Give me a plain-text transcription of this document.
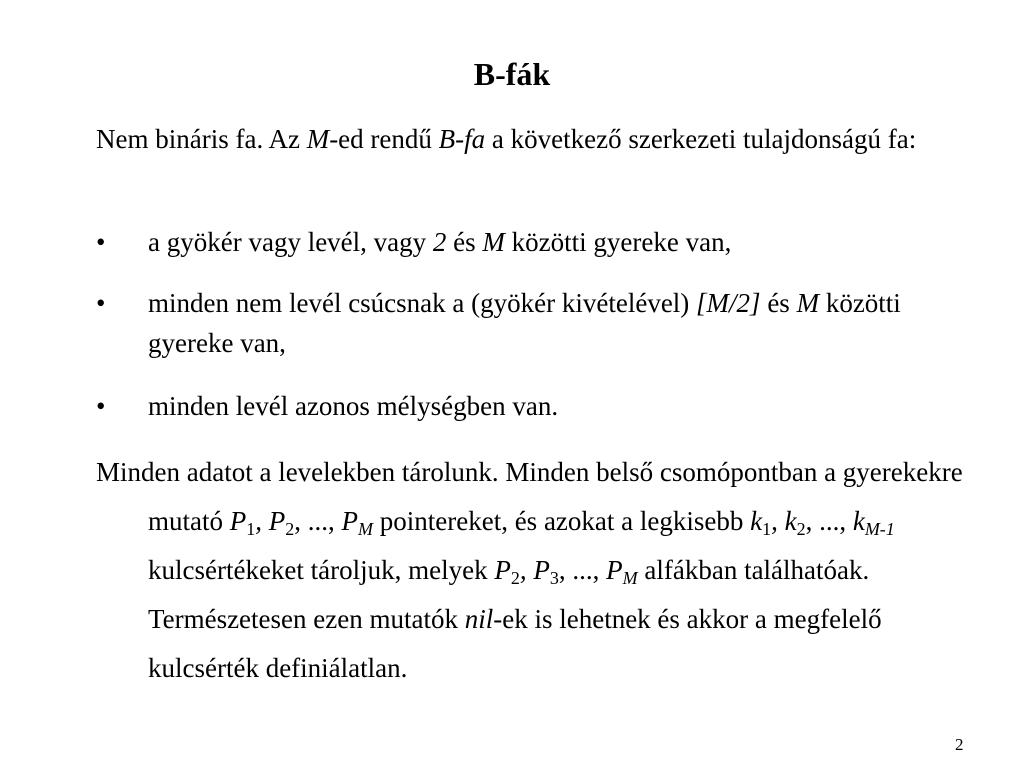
B-fák
Nem bináris fa. Az M-ed rendű B-fa a következő szerkezeti tulajdonságú fa:
• a gyökér vagy levél, vagy 2 és M közötti gyereke van,
• minden nem levél csúcsnak a (gyökér kivételével) [M/2] és M közötti gyereke van,
• minden levél azonos mélységben van.
Minden adatot a levelekben tárolunk. Minden belső csomópontban a gyerekekre mutató $P_1$, $P_2$, ..., $P_M$ pointereket, és azokat a legkisebb $k_1$, $k_2$, ..., $k_{M-1}$ kulcsértékeket tároljuk, melyek $P_2$, $P_3$, ..., $P_M$ alfákban találhatóak. Természetesen ezen mutatók nil-ek is lehetnek és akkor a megfelelő kulcsérték definiálatlan.
2
